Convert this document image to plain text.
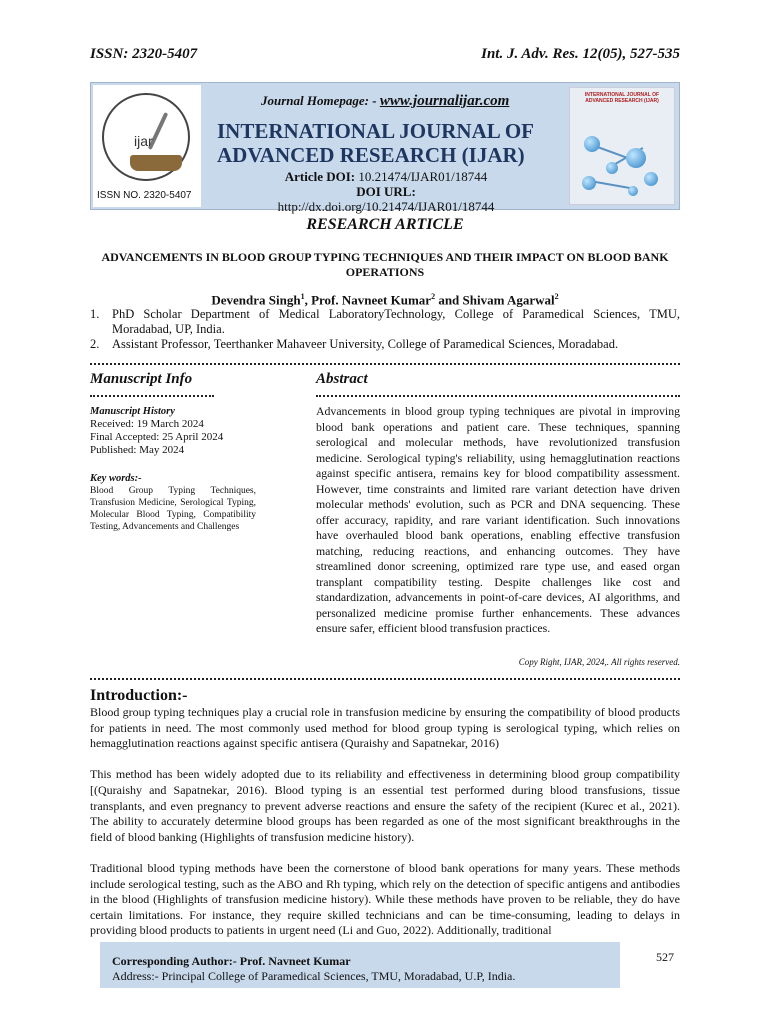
ISSN: 2320-5407	Int. J. Adv. Res. 12(05), 527-535
ijar
ISSN NO. 2320-5407
Journal Homepage: - www.journalijar.com
INTERNATIONAL JOURNAL OF
ADVANCED RESEARCH (IJAR)
Article DOI: 10.21474/IJAR01/18744
DOI URL: http://dx.doi.org/10.21474/IJAR01/18744
INTERNATIONAL JOURNAL OF ADVANCED RESEARCH (IJAR)
RESEARCH ARTICLE
ADVANCEMENTS IN BLOOD GROUP TYPING TECHNIQUES AND THEIR IMPACT ON BLOOD BANK OPERATIONS
Devendra Singh$^1$, Prof. Navneet Kumar$^2$ and Shivam Agarwal$^2$
1.	PhD Scholar Department of Medical LaboratoryTechnology, College of Paramedical Sciences, TMU, Moradabad, UP, India.
2.	Assistant Professor, Teerthanker Mahaveer University, College of Paramedical Sciences, Moradabad.
Manuscript Info
Manuscript History
Received: 19 March 2024
Final Accepted: 25 April 2024
Published: May 2024
Key words:-
Blood Group Typing Techniques, Transfusion Medicine, Serological Typing, Molecular Blood Typing, Compatibility Testing, Advancements and Challenges
Abstract
Advancements in blood group typing techniques are pivotal in improving blood bank operations and patient care. These techniques, spanning serological and molecular methods, have revolutionized transfusion medicine. Serological typing's reliability, using hemagglutination reactions against specific antisera, remains key for blood compatibility assessment. However, time constraints and limited rare variant detection have driven molecular methods' evolution, such as PCR and DNA sequencing. These offer accuracy, rapidity, and rare variant identification. Such innovations have overhauled blood bank operations, enabling effective transfusion matching, reducing reactions, and enhancing outcomes. They have streamlined donor screening, optimized rare type use, and eased organ transplant compatibility testing. Despite challenges like cost and standardization, advancements in point-of-care devices, AI algorithms, and personalized medicine promise further enhancements. These advances ensure safer, efficient blood transfusion practices.
Copy Right, IJAR, 2024,. All rights reserved.
Introduction:-

Blood group typing techniques play a crucial role in transfusion medicine by ensuring the compatibility of blood products for patients in need. The most commonly used method for blood group typing is serological typing, which relies on hemagglutination reactions against specific antisera (Quraishy and Sapatnekar, 2016)

This method has been widely adopted due to its reliability and effectiveness in determining blood group compatibility [(Quraishy and Sapatnekar, 2016). Blood typing is an essential test performed during blood transfusions, tissue transplants, and even pregnancy to prevent adverse reactions and ensure the safety of the recipient (Kurec et al., 2021). The ability to accurately determine blood groups has been regarded as one of the most significant breakthroughs in the field of blood banking (Highlights of transfusion medicine history).

Traditional blood typing methods have been the cornerstone of blood bank operations for many years. These methods include serological testing, such as the ABO and Rh typing, which rely on the detection of specific antigens and antibodies in the blood (Highlights of transfusion medicine history). While these methods have proven to be reliable, they do have certain limitations. For instance, they require skilled technicians and can be time-consuming, leading to delays in providing blood products to patients in urgent need (Li and Guo, 2022). Additionally, traditional

Corresponding Author:- Prof. Navneet Kumar
Address:- Principal College of Paramedical Sciences, TMU, Moradabad, U.P, India.
527
